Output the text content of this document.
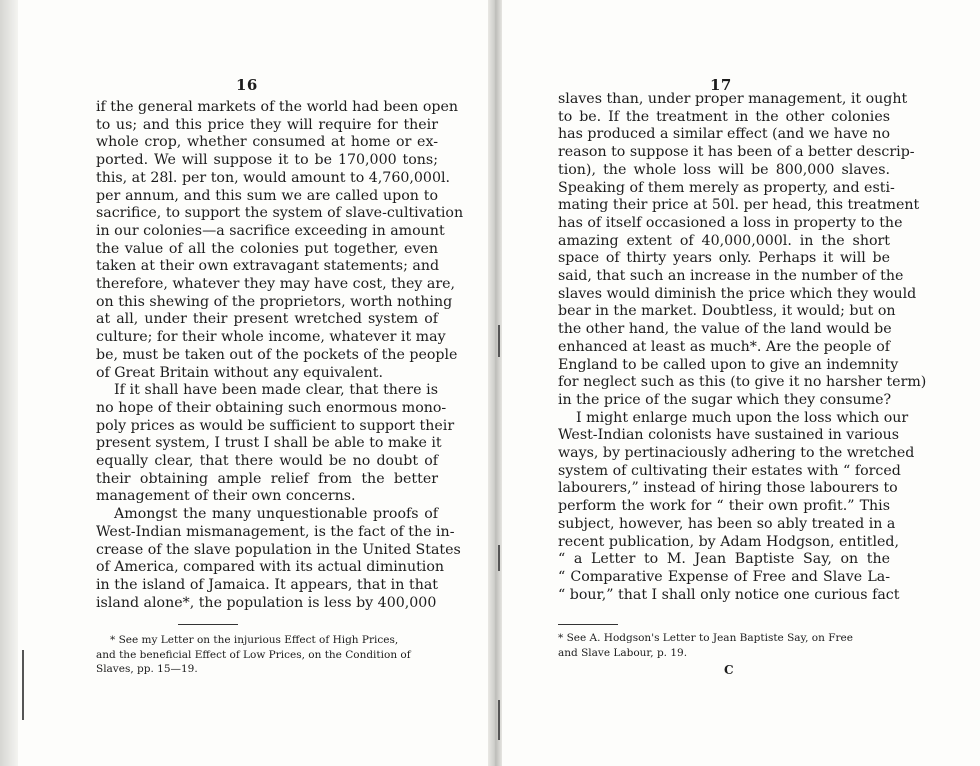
16

if the general markets of the world had been open
to us; and this price they will require for their
whole crop, whether consumed at home or ex-
ported. We will suppose it to be 170,000 tons;
this, at 28l. per ton, would amount to 4,760,000l.
per annum, and this sum we are called upon to
sacrifice, to support the system of slave-cultivation
in our colonies—a sacrifice exceeding in amount
the value of all the colonies put together, even
taken at their own extravagant statements; and
therefore, whatever they may have cost, they are,
on this shewing of the proprietors, worth nothing
at all, under their present wretched system of
culture; for their whole income, whatever it may
be, must be taken out of the pockets of the people
of Great Britain without any equivalent.
If it shall have been made clear, that there is
no hope of their obtaining such enormous mono-
poly prices as would be sufficient to support their
present system, I trust I shall be able to make it
equally clear, that there would be no doubt of
their obtaining ample relief from the better
management of their own concerns.
Amongst the many unquestionable proofs of
West-Indian mismanagement, is the fact of the in-
crease of the slave population in the United States
of America, compared with its actual diminution
in the island of Jamaica. It appears, that in that
island alone*, the population is less by 400,000

* See my Letter on the injurious Effect of High Prices,
and the beneficial Effect of Low Prices, on the Condition of
Slaves, pp. 15—19.

17

slaves than, under proper management, it ought
to be. If the treatment in the other colonies
has produced a similar effect (and we have no
reason to suppose it has been of a better descrip-
tion), the whole loss will be 800,000 slaves.
Speaking of them merely as property, and esti-
mating their price at 50l. per head, this treatment
has of itself occasioned a loss in property to the
amazing extent of 40,000,000l. in the short
space of thirty years only. Perhaps it will be
said, that such an increase in the number of the
slaves would diminish the price which they would
bear in the market. Doubtless, it would; but on
the other hand, the value of the land would be
enhanced at least as much*. Are the people of
England to be called upon to give an indemnity
for neglect such as this (to give it no harsher term)
in the price of the sugar which they consume?
I might enlarge much upon the loss which our
West-Indian colonists have sustained in various
ways, by pertinaciously adhering to the wretched
system of cultivating their estates with “ forced
labourers,” instead of hiring those labourers to
perform the work for “ their own profit.” This
subject, however, has been so ably treated in a
recent publication, by Adam Hodgson, entitled,
“ a Letter to M. Jean Baptiste Say, on the
“ Comparative Expense of Free and Slave La-
“ bour,” that I shall only notice one curious fact

* See A. Hodgson's Letter to Jean Baptiste Say, on Free
and Slave Labour, p. 19.

C
